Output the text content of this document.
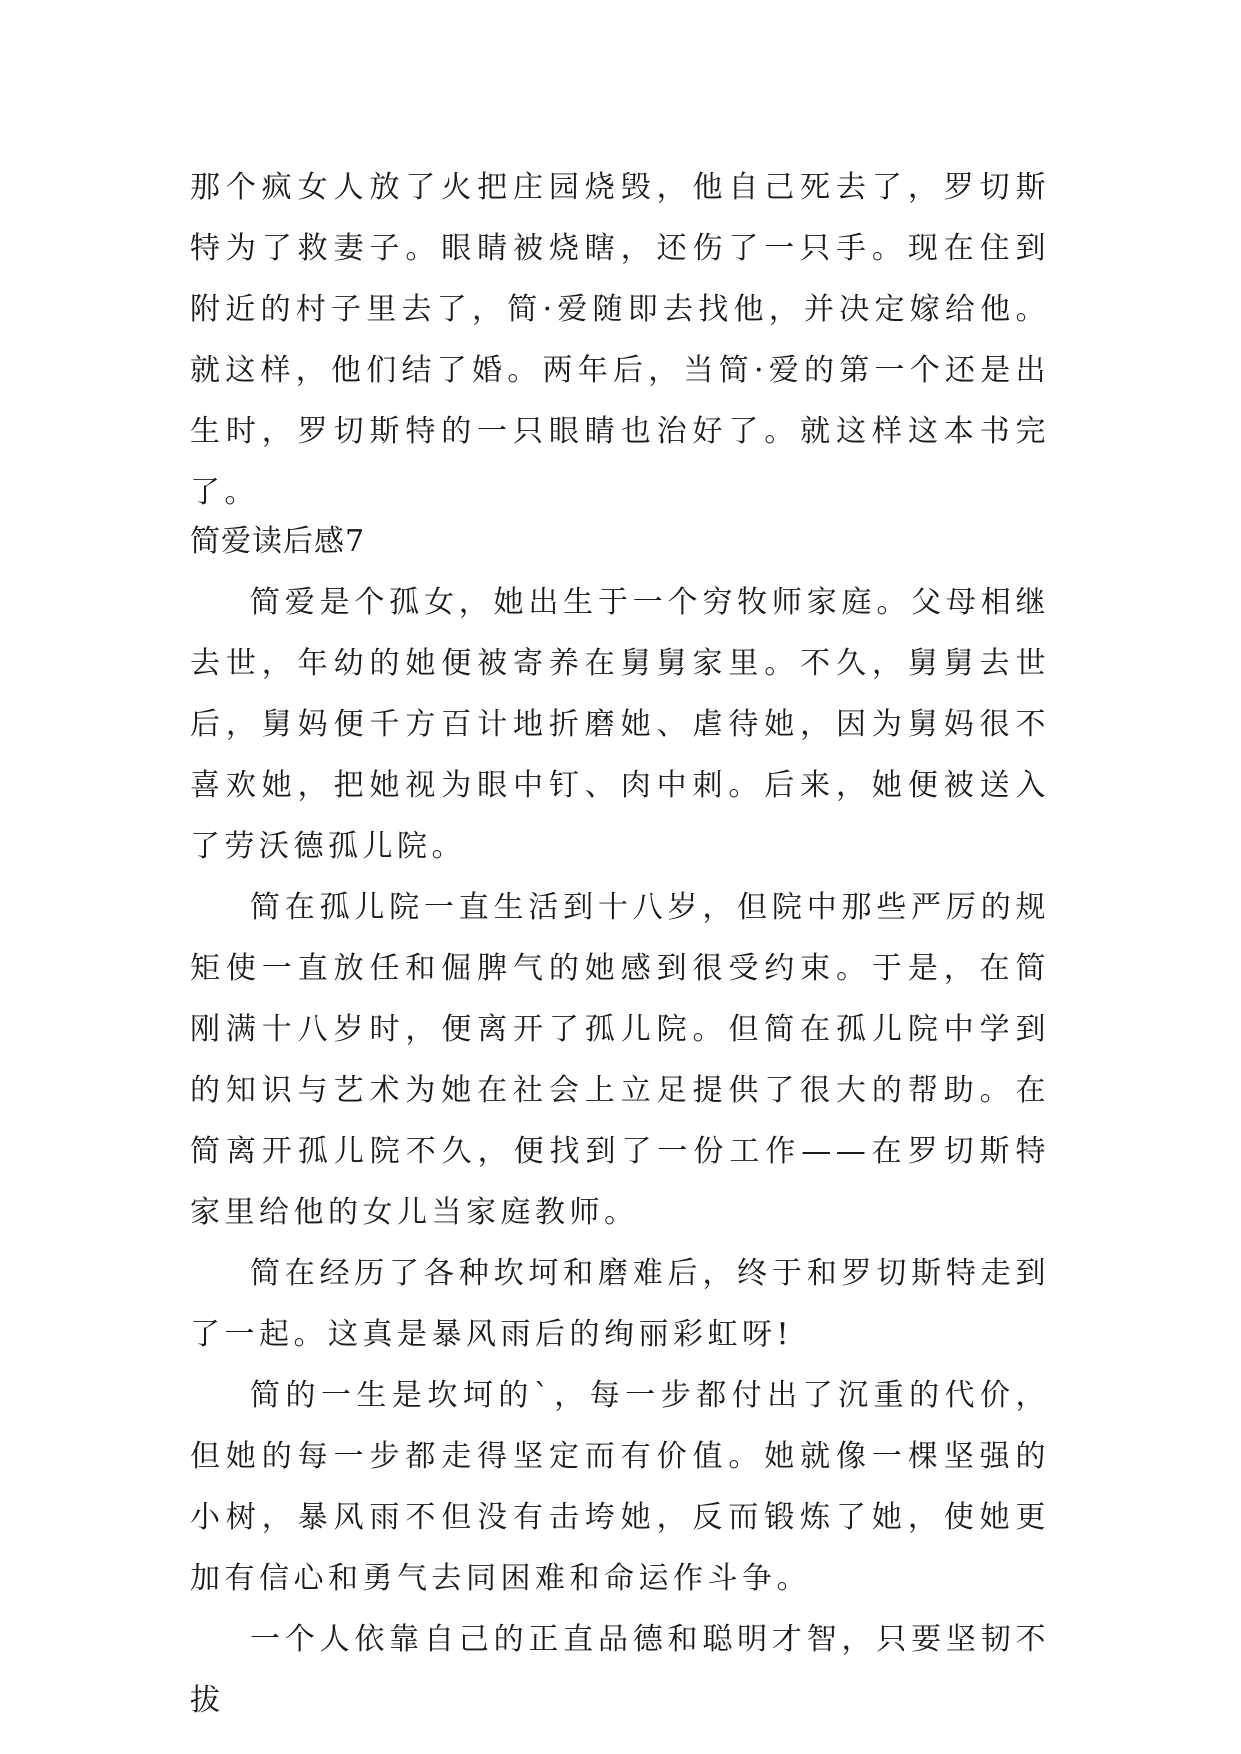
那个疯女人放了火把庄园烧毁，他自己死去了，罗切斯特为了救妻子。眼睛被烧瞎，还伤了一只手。现在住到附近的村子里去了，简·爱随即去找他，并决定嫁给他。就这样，他们结了婚。两年后，当简·爱的第一个还是出生时，罗切斯特的一只眼睛也治好了。就这样这本书完了。

简爱读后感7

简爱是个孤女，她出生于一个穷牧师家庭。父母相继去世，年幼的她便被寄养在舅舅家里。不久，舅舅去世后，舅妈便千方百计地折磨她、虐待她，因为舅妈很不喜欢她，把她视为眼中钉、肉中刺。后来，她便被送入了劳沃德孤儿院。

简在孤儿院一直生活到十八岁，但院中那些严厉的规矩使一直放任和倔脾气的她感到很受约束。于是，在简刚满十八岁时，便离开了孤儿院。但简在孤儿院中学到的知识与艺术为她在社会上立足提供了很大的帮助。在简离开孤儿院不久，便找到了一份工作——在罗切斯特家里给他的女儿当家庭教师。

简在经历了各种坎坷和磨难后，终于和罗切斯特走到了一起。这真是暴风雨后的绚丽彩虹呀!

简的一生是坎坷的`，每一步都付出了沉重的代价，但她的每一步都走得坚定而有价值。她就像一棵坚强的小树，暴风雨不但没有击垮她，反而锻炼了她，使她更加有信心和勇气去同困难和命运作斗争。

一个人依靠自己的正直品德和聪明才智，只要坚韧不拔
